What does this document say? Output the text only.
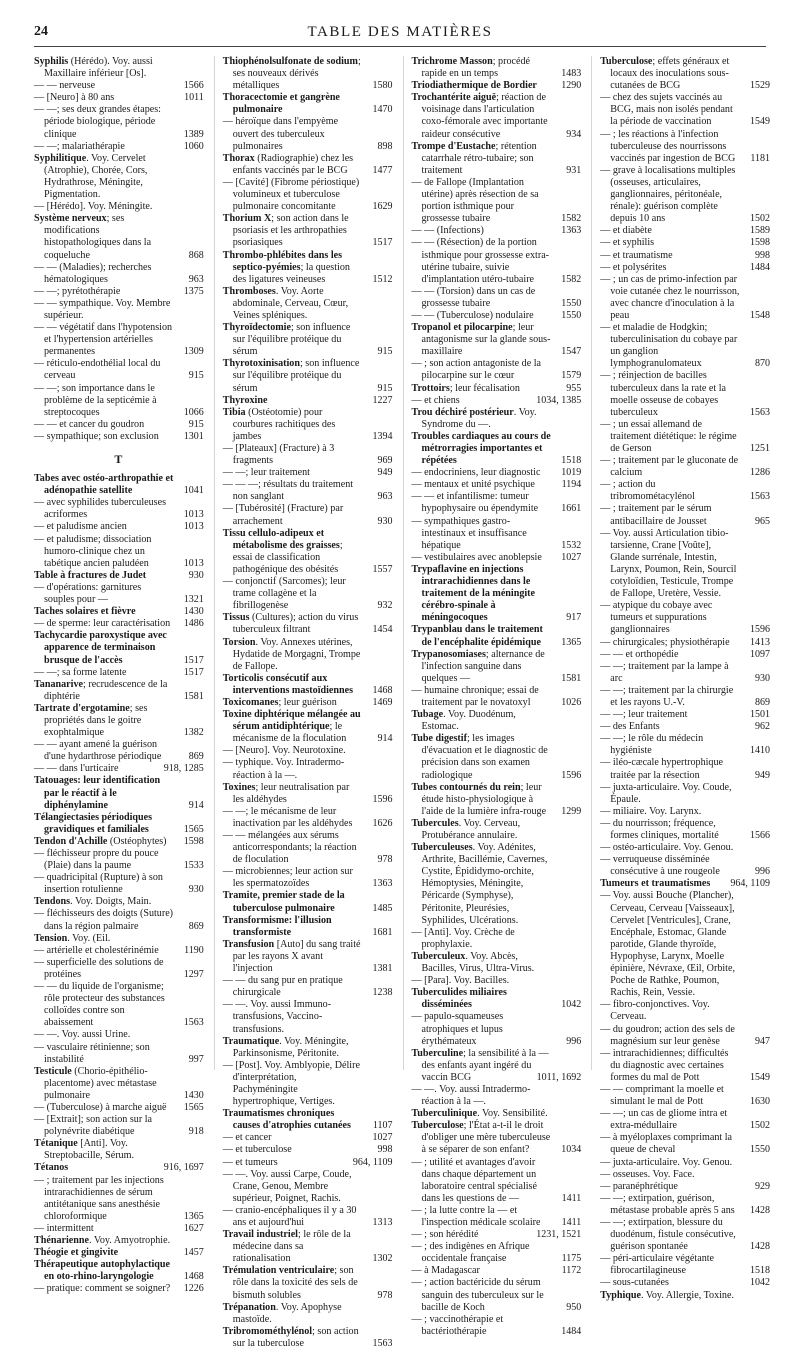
24	TABLE DES MATIÈRES
Syphilis (Hérédo). Voy. aussi Maxillaire inférieur [Os].
— — nerveuse	1566
— [Neuro] à 80 ans	1011
— —; ses deux grandes étapes: période biologique, période clinique	1389
— —; malariathérapie	1060
Syphilitique. Voy. Cervelet (Atrophie), Chorée, Cors, Hydrathrose, Méningite, Pigmentation.
— [Hérédo]. Voy. Méningite.
Système nerveux; ses modifications histopathologiques dans la coqueluche	868
— — (Maladies); recherches hématologiques	963
— —; pyrétothérapie	1375
— — sympathique. Voy. Membre supérieur.
— — végétatif dans l'hypotension et l'hypertension artérielles permanentes	1309
— réticulo-endothélial local du cerveau	915
— —; son importance dans le problème de la septicémie à streptocoques	1066
— — et cancer du goudron	915
— sympathique; son exclusion 1301
T
Tabes avec ostéo-arthropathie et adénopathie satellite	1041
— avec syphilides tuberculeuses acriformes	1013
— et paludisme ancien	1013
— et paludisme; dissociation humoro-clinique chez un tabétique ancien paludéen	1013
Table à fractures de Judet	930
— d'opérations: garnitures souples pour —	1321
Taches solaires et fièvre	1430
— de sperme: leur caractérisation 1486
Tachycardie paroxystique avec apparence de terminaison brusque de l'accès	1517
— —; sa forme latente	1517
Tananarive; recrudescence de la diphtérie	1581
Tartrate d'ergotamine; ses propriétés dans le goitre exophtalmique	1382
— — ayant amené la guérison d'une hydarthrose périodique	869
— — dans l'urticaire	918, 1285
Tatouages: leur identification par le réactif à le diphénylamine	914
Télangiectasies périodiques gravidiques et familiales	1565
Tendon d'Achille (Ostéophytes) 1598
— fléchisseur propre du pouce (Plaie) dans la paume	1533
— quadricipital (Rupture) à son insertion rotulienne	930
Tendons. Voy. Doigts, Main.
— fléchisseurs des doigts (Suture) dans la région palmaire	869
Tension. Voy. (Eil.
— artérielle et cholestérinémie	1190
— superficielle des solutions de protéines	1297
— — du liquide de l'organisme; rôle protecteur des substances colloïdes contre son abaissement	1563
— —. Voy. aussi Urine.
— vasculaire rétinienne; son instabilité	997
Testicule (Chorio-épithélio-placentome) avec métastase pulmonaire	1430
— (Tuberculose) à marche aiguë 1565
— [Extrait]; son action sur la polynévrite diabétique	918
Tétanique [Anti]. Voy. Streptobacille, Sérum.
Tétanos	916, 1697
— ; traitement par les injections intrarachidiennes de sérum antitétanique sans anesthésie chloroformique	1365
— intermittent	1627
Thénarienne. Voy. Amyotrophie.
Théogie et gingivite	1457
Thérapeutique autophylactique en oto-rhino-laryngologie	1468
— pratique: comment se soigner? 1226
Thiophénolsulfonate de sodium; ses nouveaux dérivés métalliques	1580
Thoracectomie et gangrène pulmonaire	1470
— héroïque dans l'empyème ouvert des tuberculeux pulmonaires	898
Thorax (Radiographie) chez les enfants vaccinés par le BCG 1477
— [Cavité] (Fibrome périostique) volumineux et tuberculose pulmonaire concomitante	1629
Thorium X; son action dans le psoriasis et les arthropathies psoriasiques	1517
Thrombo-phlébites dans les septico-pyémies; la question des ligatures veineuses	1512
Thromboses. Voy. Aorte abdominale, Cerveau, Cœur, Veines spléniques.
Thyroïdectomie; son influence sur l'équilibre protéique du sérum	915
Thyrotoxinisation; son influence sur l'équilibre protéique du sérum	915
Thyroxine	1227
Tibia (Ostéotomie) pour courbures rachitiques des jambes	1394
— [Plateaux] (Fracture) à 3 fragments	969
— —; leur traitement	949
— — —; résultats du traitement non sanglant	963
— [Tubérosité] (Fracture) par arrachement	930
Tissu cellulo-adipeux et métabolisme des graisses; essai de classification pathogénique des obésités	1557
— conjonctif (Sarcomes); leur trame collagène et la fibrillogenèse	932
Tissus (Cultures); action du virus tuberculeux filtrant	1454
Torsion. Voy. Annexes utérines, Hydatide de Morgagni, Trompe de Fallope.
Torticolis consécutif aux interventions mastoïdiennes 1468
Toxicomanes; leur guérison	1469
Toxine diphtérique mélangée au sérum antidiphtérique; le mécanisme de la floculation	914
— [Neuro]. Voy. Neurotoxine.
— typhique. Voy. Intradermo-réaction à la —.
Toxines; leur neutralisation par les aldéhydes	1596
— —; le mécanisme de leur inactivation par les aldéhydes 1626
— — mélangées aux sérums anticorrespondants; la réaction de floculation	978
— microbiennes; leur action sur les spermatozoïdes	1363
Tramite, premier stade de la tuberculose pulmonaire	1485
Transformisme: l'illusion transformiste	1681
Transfusion [Auto] du sang traité par les rayons X avant l'injection	1381
— — du sang pur en pratique chirurgicale	1238
— —. Voy. aussi Immuno-transfusions, Vaccino-transfusions.
Traumatique. Voy. Méningite, Parkinsonisme, Péritonite.
— [Post]. Voy. Amblyopie, Délire d'interprétation, Pachyméningite hypertrophique, Vertiges.
Traumatismes chroniques causes d'atrophies cutanées 1107
— et cancer	1027
— et tuberculose	998
— et tumeurs	964, 1109
— —. Voy. aussi Carpe, Coude, Crane, Genou, Membre supérieur, Poignet, Rachis.
— cranio-encéphaliques il y a 30 ans et aujourd'hui	1313
Travail industriel; le rôle de la médecine dans sa rationalisation	1302
Trémulation ventriculaire; son rôle dans la toxicité des sels de bismuth solubles	978
Trépanation. Voy. Apophyse mastoïde.
Tribromométhylénol; son action sur la tuberculose	1563
Trichrome Masson; procédé rapide en un temps	1483
Triodiathermique de Bordier 1290
Trochantérite aiguë; réaction de voisinage dans l'articulation coxo-fémorale avec importante raideur consécutive	934
Trompe d'Eustache; rétention catarrhale rétro-tubaire; son traitement	931
— de Fallope (Implantation utérine) après résection de sa portion isthmique pour grossesse tubaire	1582
— — (Infections)	1363
— — (Résection) de la portion isthmique pour grossesse extra-utérine tubaire, suivie d'implantation utéro-tubaire	1582
— — (Torsion) dans un cas de grossesse tubaire	1550
— — (Tuberculose) nodulaire	1550
Tropanol et pilocarpine; leur antagonisme sur la glande sous-maxillaire	1547
— ; son action antagoniste de la pilocarpine sur le cœur	1579
Trottoirs; leur fécalisation	955
— et chiens	1034, 1385
Trou déchiré postérieur. Voy. Syndrome du —.
Troubles cardiaques au cours de métrorragies importantes et répétées	1518
— endocriniens, leur diagnostic 1019
— mentaux et unité psychique	1194
— — et infantilisme: tumeur hypophysaire ou épendymite 1661
— sympathiques gastro-intestinaux et insuffisance hépatique	1532
— vestibulaires avec anoblepsie 1027
Trypaflavine en injections intrarachidiennes dans le traitement de la méningite cérébro-spinale à méningocoques	917
Trypanblau dans le traitement de l'encéphalite épidémique 1365
Trypanosomiases; alternance de l'infection sanguine dans quelques —	1581
— humaine chronique; essai de traitement par le novatoxyl	1026
Tubage. Voy. Duodénum, Estomac.
Tube digestif; les images d'évacuation et le diagnostic de précision dans son examen radiologique	1596
Tubes contournés du rein; leur étude histo-physiologique à l'aide de la lumière infra-rouge 1299
Tubercules. Voy. Cerveau, Protubérance annulaire.
Tuberculeuses. Voy. Adénites, Arthrite, Bacillémie, Cavernes, Cystite, Épididymo-orchite, Hémoptysies, Méningite, Péricarde (Symphyse), Péritonite, Pleurésies, Syphilides, Ulcérations.
— [Anti]. Voy. Crèche de prophylaxie.
Tuberculeux. Voy. Abcès, Bacilles, Virus, Ultra-Virus.
— [Para]. Voy. Bacilles.
Tuberculides miliaires disséminées	1042
— papulo-squameuses atrophiques et lupus érythémateux	996
Tuberculine; la sensibilité à la — des enfants ayant ingéré du vaccin BCG	1011, 1692
— —. Voy. aussi Intradermo-réaction à la —.
Tuberculinique. Voy. Sensibilité.
Tuberculose; l'État a-t-il le droit d'obliger une mère tuberculeuse à se séparer de son enfant?	1034
— ; utilité et avantages d'avoir dans chaque département un laboratoire central spécialisé dans les questions de —	1411
— ; la lutte contre la — et l'inspection médicale scolaire 1411
— ; son hérédité	1231, 1521
— ; des indigènes en Afrique occidentale française	1175
— à Madagascar	1172
— ; action bactéricide du sérum sanguin des tuberculeux sur le bacille de Koch	950
— ; vaccinothérapie et bactériothérapie	1484
Tuberculose; effets généraux et locaux des inoculations sous-cutanées de BCG	1529
— chez des sujets vaccinés au BCG, mais non isolés pendant la période de vaccination	1549
— ; les réactions à l'infection tuberculeuse des nourrissons vaccinés par ingestion de BCG 1181
— grave à localisations multiples (osseuses, articulaires, ganglionnaires, péritonéale, rénale): guérison complète depuis 10 ans	1502
— et diabète	1589
— et syphilis	1598
— et traumatisme	998
— et polysérites	1484
— ; un cas de primo-infection par voie cutanée chez le nourrisson, avec chancre d'inoculation à la peau	1548
— et maladie de Hodgkin; tuberculinisation du cobaye par un ganglion lymphogranulomateux	870
— ; réinjection de bacilles tuberculeux dans la rate et la moelle osseuse de cobayes tuberculeux	1563
— ; un essai allemand de traitement diététique: le régime de Gerson	1251
— ; traitement par le gluconate de calcium	1286
— ; action du tribromométacylénol	1563
— ; traitement par le sérum antibacillaire de Jousset	965
— Voy. aussi Articulation tibio-tarsienne, Crane [Voûte], Glande surrénale, Intestin, Larynx, Poumon, Rein, Sourcil cotyloïdien, Testicule, Trompe de Fallope, Uretère, Vessie.
— atypique du cobaye avec tumeurs et suppurations ganglionnaires	1596
— chirurgicales; physiothérapie 1413
— — et orthopédie	1097
— —; traitement par la lampe à arc	930
— —; traitement par la chirurgie et les rayons U.-V.	869
— —; leur traitement	1501
— des Enfants	962
— —; le rôle du médecin hygiéniste	1410
— iléo-cæcale hypertrophique traitée par la résection	949
— juxta-articulaire. Voy. Coude, Épaule.
— miliaire. Voy. Larynx.
— du nourrisson; fréquence, formes cliniques, mortalité	1566
— ostéo-articulaire. Voy. Genou.
— verruqueuse disséminée consécutive à une rougeole	996
Tumeurs et traumatismes 964, 1109
— Voy. aussi Bouche (Plancher), Cerveau, Cerveau [Vaisseaux], Cervelet [Ventricules], Crane, Encéphale, Estomac, Glande parotide, Glande thyroïde, Hypophyse, Larynx, Moelle épinière, Névraxe, Œil, Orbite, Poche de Rathke, Poumon, Rachis, Rein, Vessie.
— fibro-conjonctives. Voy. Cerveau.
— du goudron; action des sels de magnésium sur leur genèse	947
— intrarachidiennes; difficultés du diagnostic avec certaines formes du mal de Pott	1549
— — comprimant la moelle et simulant le mal de Pott	1630
— —; un cas de gliome intra et extra-médullaire	1502
— à myéloplaxes comprimant la queue de cheval	1550
— juxta-articulaire. Voy. Genou.
— osseuses. Voy. Face.
— paranéphrétique	929
— —; extirpation, guérison, métastase probable après 5 ans 1428
— —; extirpation, blessure du duodénum, fistule consécutive, guérison spontanée	1428
— péri-articulaire végétante fibrocartilagineuse	1518
— sous-cutanées	1042
Typhique. Voy. Allergie, Toxine.
